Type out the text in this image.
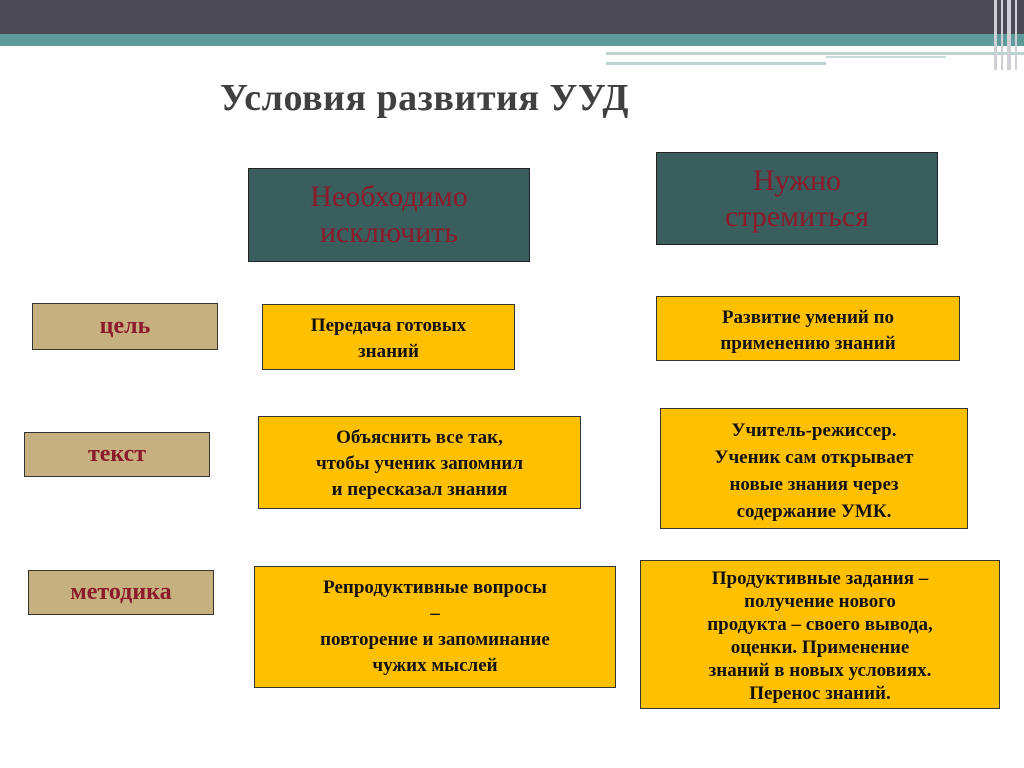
Условия развития УУД
Необходимо
исключить
Нужно
стремиться
цель	Передача готовых
знаний
Развитие умений по
применению знаний
текст
Объяснить все так,
чтобы ученик запомнил
и пересказал знания
Учитель-режиссер.
Ученик сам открывает
новые знания через
содержание УМК.
методика	Репродуктивные вопросы
–
повторение и запоминание
чужих мыслей
Продуктивные задания –
получение нового
продукта – своего вывода,
оценки. Применение
знаний в новых условиях.
Перенос знаний.
